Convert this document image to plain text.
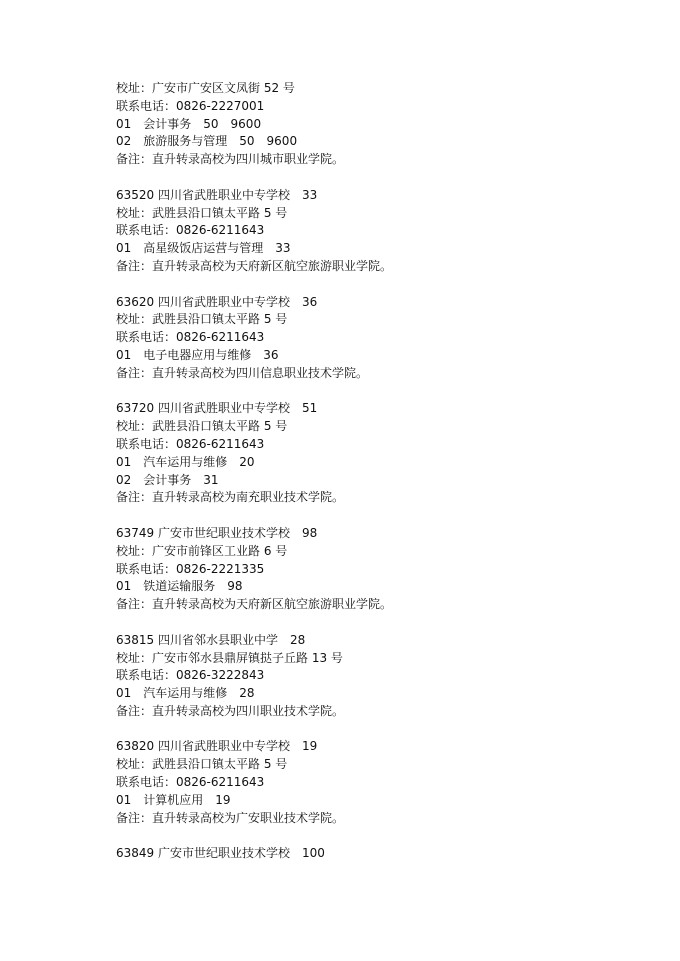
校址：广安市广安区文凤街 52 号
联系电话：0826-2227001
01　会计事务　50　9600
02　旅游服务与管理　50　9600
备注：直升转录高校为四川城市职业学院。
63520 四川省武胜职业中专学校　33
校址：武胜县沿口镇太平路 5 号
联系电话：0826-6211643
01　高星级饭店运营与管理　33
备注：直升转录高校为天府新区航空旅游职业学院。
63620 四川省武胜职业中专学校　36
校址：武胜县沿口镇太平路 5 号
联系电话：0826-6211643
01　电子电器应用与维修　36
备注：直升转录高校为四川信息职业技术学院。
63720 四川省武胜职业中专学校　51
校址：武胜县沿口镇太平路 5 号
联系电话：0826-6211643
01　汽车运用与维修　20
02　会计事务　31
备注：直升转录高校为南充职业技术学院。
63749 广安市世纪职业技术学校　98
校址：广安市前锋区工业路 6 号
联系电话：0826-2221335
01　铁道运输服务　98
备注：直升转录高校为天府新区航空旅游职业学院。
63815 四川省邻水县职业中学　28
校址：广安市邻水县鼎屏镇挞子丘路 13 号
联系电话：0826-3222843
01　汽车运用与维修　28
备注：直升转录高校为四川职业技术学院。
63820 四川省武胜职业中专学校　19
校址：武胜县沿口镇太平路 5 号
联系电话：0826-6211643
01　计算机应用　19
备注：直升转录高校为广安职业技术学院。
63849 广安市世纪职业技术学校　100
